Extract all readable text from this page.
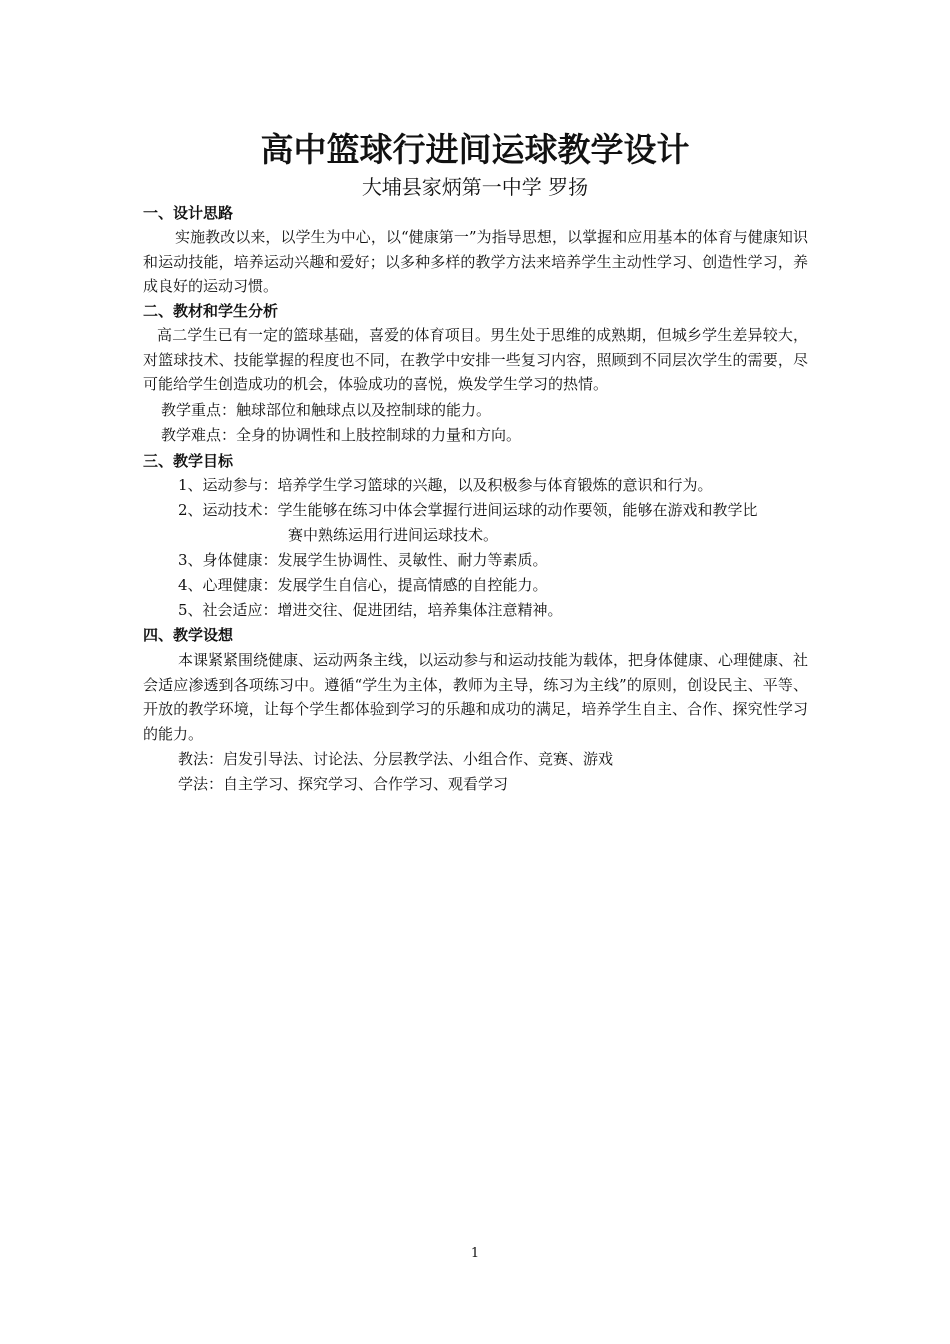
高中篮球行进间运球教学设计
大埔县家炳第一中学 罗扬
一、设计思路
实施教改以来，以学生为中心，以“健康第一”为指导思想，以掌握和应用基本的体育与健康知识和运动技能，培养运动兴趣和爱好；以多种多样的教学方法来培养学生主动性学习、创造性学习，养成良好的运动习惯。
二、教材和学生分析
高二学生已有一定的篮球基础，喜爱的体育项目。男生处于思维的成熟期，但城乡学生差异较大，对篮球技术、技能掌握的程度也不同，在教学中安排一些复习内容，照顾到不同层次学生的需要，尽可能给学生创造成功的机会，体验成功的喜悦，焕发学生学习的热情。
教学重点：触球部位和触球点以及控制球的能力。
教学难点：全身的协调性和上肢控制球的力量和方向。
三、教学目标
1、运动参与：培养学生学习篮球的兴趣，以及积极参与体育锻炼的意识和行为。
2、运动技术：学生能够在练习中体会掌握行进间运球的动作要领，能够在游戏和教学比
赛中熟练运用行进间运球技术。
3、身体健康：发展学生协调性、灵敏性、耐力等素质。
4、心理健康：发展学生自信心，提高情感的自控能力。
5、社会适应：增进交往、促进团结，培养集体注意精神。
四、教学设想
本课紧紧围绕健康、运动两条主线，以运动参与和运动技能为载体，把身体健康、心理健康、社会适应渗透到各项练习中。遵循“学生为主体，教师为主导，练习为主线”的原则，创设民主、平等、开放的教学环境，让每个学生都体验到学习的乐趣和成功的满足，培养学生自主、合作、探究性学习的能力。
教法：启发引导法、讨论法、分层教学法、小组合作、竞赛、游戏
学法：自主学习、探究学习、合作学习、观看学习
1
